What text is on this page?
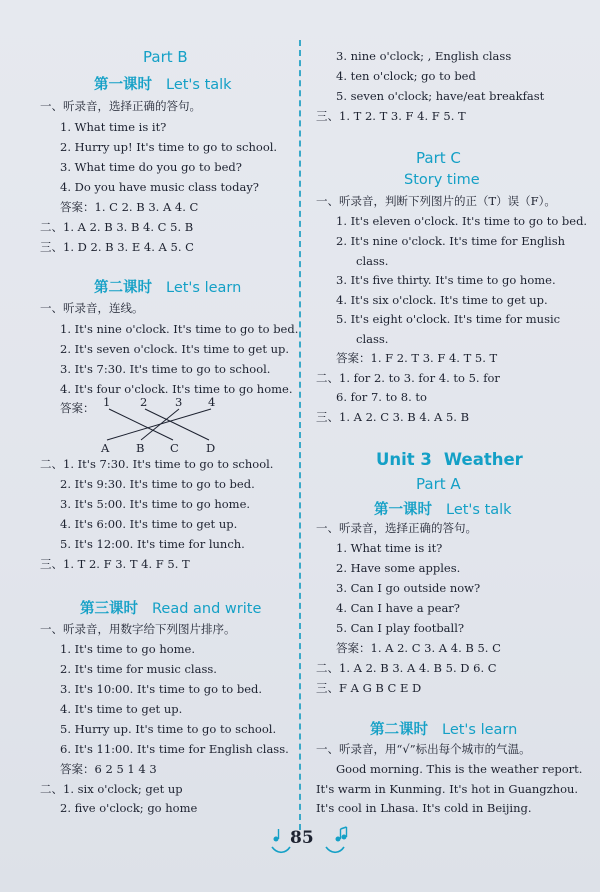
Part B
第一课时 Let's talk
一、听录音，选择正确的答句。
1. What time is it?
2. Hurry up! It's time to go to school.
3. What time do you go to bed?
4. Do you have music class today?
答案：1. C 2. B 3. A 4. C
二、1. A 2. B 3. B 4. C 5. B
三、1. D 2. B 3. E 4. A 5. C
第二课时 Let's learn
一、听录音，连线。
1. It's nine o'clock. It's time to go to bed.
2. It's seven o'clock. It's time to get up.
3. It's 7:30. It's time to go to school.
4. It's four o'clock. It's time to go home.
答案： 1	2 3 4
A B C D
二、1. It's 7:30. It's time to go to school.
2. It's 9:30. It's time to go to bed.
3. It's 5:00. It's time to go home.
4. It's 6:00. It's time to get up.
5. It's 12:00. It's time for lunch.
三、1. T 2. F 3. T 4. F 5. T
第三课时 Read and write
一、听录音，用数字给下列图片排序。
1. It's time to go home.
2. It's time for music class.
3. It's 10:00. It's time to go to bed.
4. It's time to get up.
5. Hurry up. It's time to go to school.
6. It's 11:00. It's time for English class.
答案：6 2 5 1 4 3
二、1. six o'clock; get up
2. five o'clock; go home
3. nine o'clock; , English class
4. ten o'clock; go to bed
5. seven o'clock; have/eat breakfast
三、1. T 2. T 3. F 4. F 5. T
Part C
Story time
一、听录音，判断下列图片的正（T）误（F）。
1. It's eleven o'clock. It's time to go to bed.
2. It's nine o'clock. It's time for English
class.
3. It's five thirty. It's time to go home.
4. It's six o'clock. It's time to get up.
5. It's eight o'clock. It's time for music
class.
答案：1. F 2. T 3. F 4. T 5. T
二、1. for 2. to 3. for 4. to 5. for
6. for 7. to 8. to
三、1. A 2. C 3. B 4. A 5. B
Unit 3 Weather
Part A
第一课时 Let's talk
一、听录音，选择正确的答句。
1. What time is it?
2. Have some apples.
3. Can I go outside now?
4. Can I have a pear?
5. Can I play football?
答案：1. A 2. C 3. A 4. B 5. C
二、1. A 2. B 3. A 4. B 5. D 6. C
三、F A G B C E D
第二课时 Let's learn
一、听录音，用“√”标出每个城市的气温。
Good morning. This is the weather report.
It's warm in Kunming. It's hot in Guangzhou.
It's cool in Lhasa. It's cold in Beijing.
85
